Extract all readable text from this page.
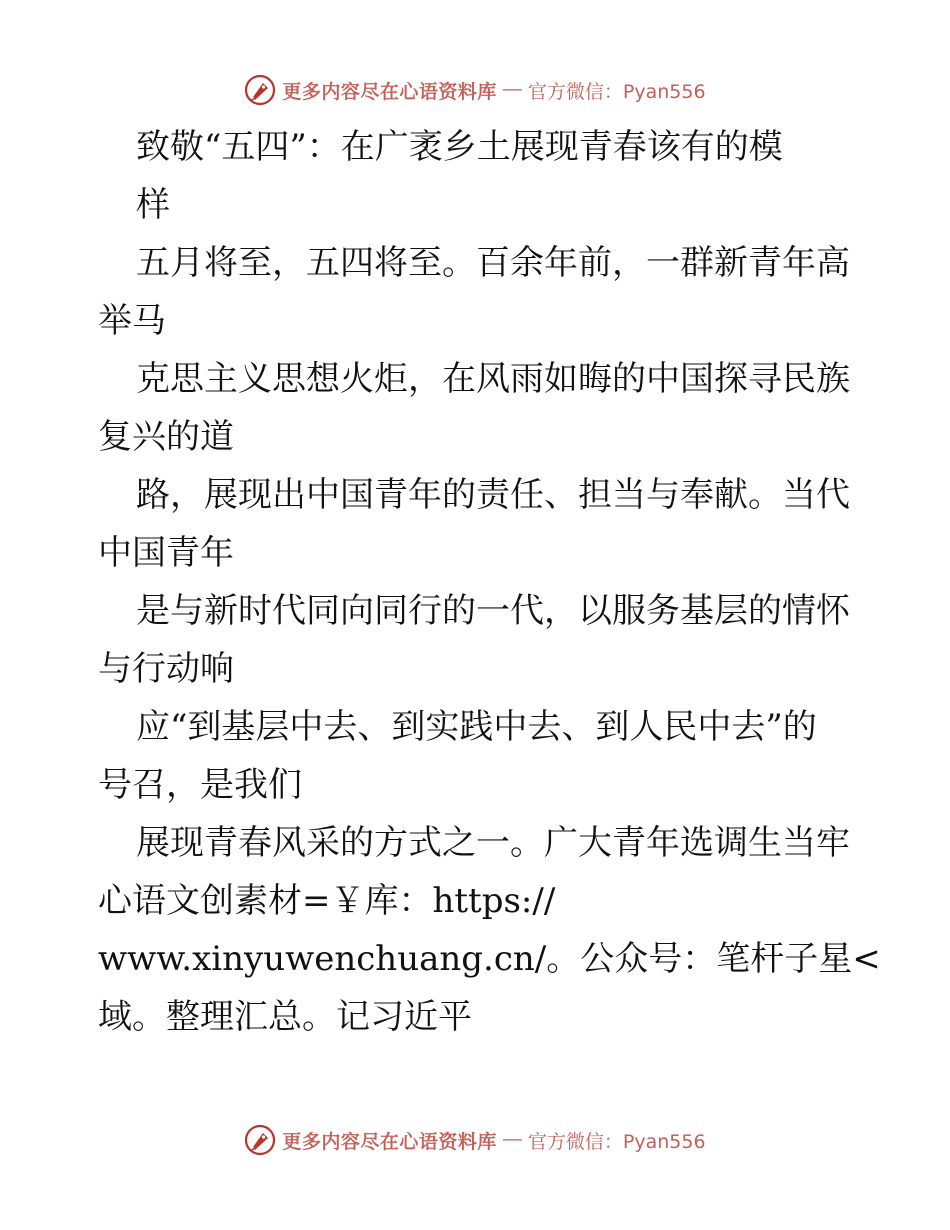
更多内容尽在心语资料库 — 官方微信：Pyan556
致敬“五四”：在广袤乡土展现青春该有的模
样
五月将至，五四将至。百余年前，一群新青年高
举马
克思主义思想火炬，在风雨如晦的中国探寻民族
复兴的道
路，展现出中国青年的责任、担当与奉献。当代
中国青年
是与新时代同向同行的一代，以服务基层的情怀
与行动响
应“到基层中去、到实践中去、到人民中去”的
号召，是我们
展现青春风采的方式之一。广大青年选调生当牢
心语文创素材=￥库：https://
www.xinyuwenchuang.cn/。公众号：笔杆子星<
域。整理汇总。记习近平
更多内容尽在心语资料库 — 官方微信：Pyan556
